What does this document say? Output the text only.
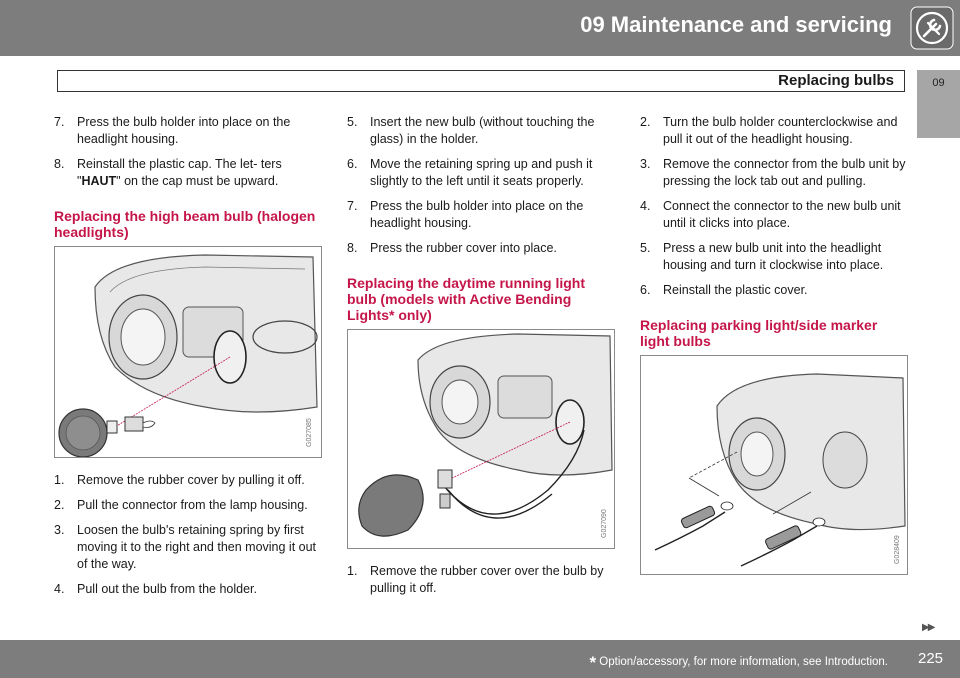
09 Maintenance and servicing
Replacing bulbs	09
7.	Press the bulb holder into place on the headlight housing.
8.	Reinstall the plastic cap. The let- ters "HAUT" on the cap must be upward.
Replacing the high beam bulb (halogen headlights)
G027085
1.	Remove the rubber cover by pulling it off.
2.	Pull the connector from the lamp housing.
3.	Loosen the bulb's retaining spring by first moving it to the right and then moving it out of the way.
4.	Pull out the bulb from the holder.
5.	Insert the new bulb (without touching the glass) in the holder.
6.	Move the retaining spring up and push it slightly to the left until it seats properly.
7.	Press the bulb holder into place on the headlight housing.
8.	Press the rubber cover into place.
Replacing the daytime running light bulb (models with Active Bending Lights* only)
G027090
1.	Remove the rubber cover over the bulb by pulling it off.
2.	Turn the bulb holder counterclockwise and pull it out of the headlight housing.
3.	Remove the connector from the bulb unit by pressing the lock tab out and pulling.
4.	Connect the connector to the new bulb unit until it clicks into place.
5.	Press a new bulb unit into the headlight housing and turn it clockwise into place.
6.	Reinstall the plastic cover.
Replacing parking light/side marker light bulbs
G028409
▶▶
* Option/accessory, for more information, see Introduction. 225
